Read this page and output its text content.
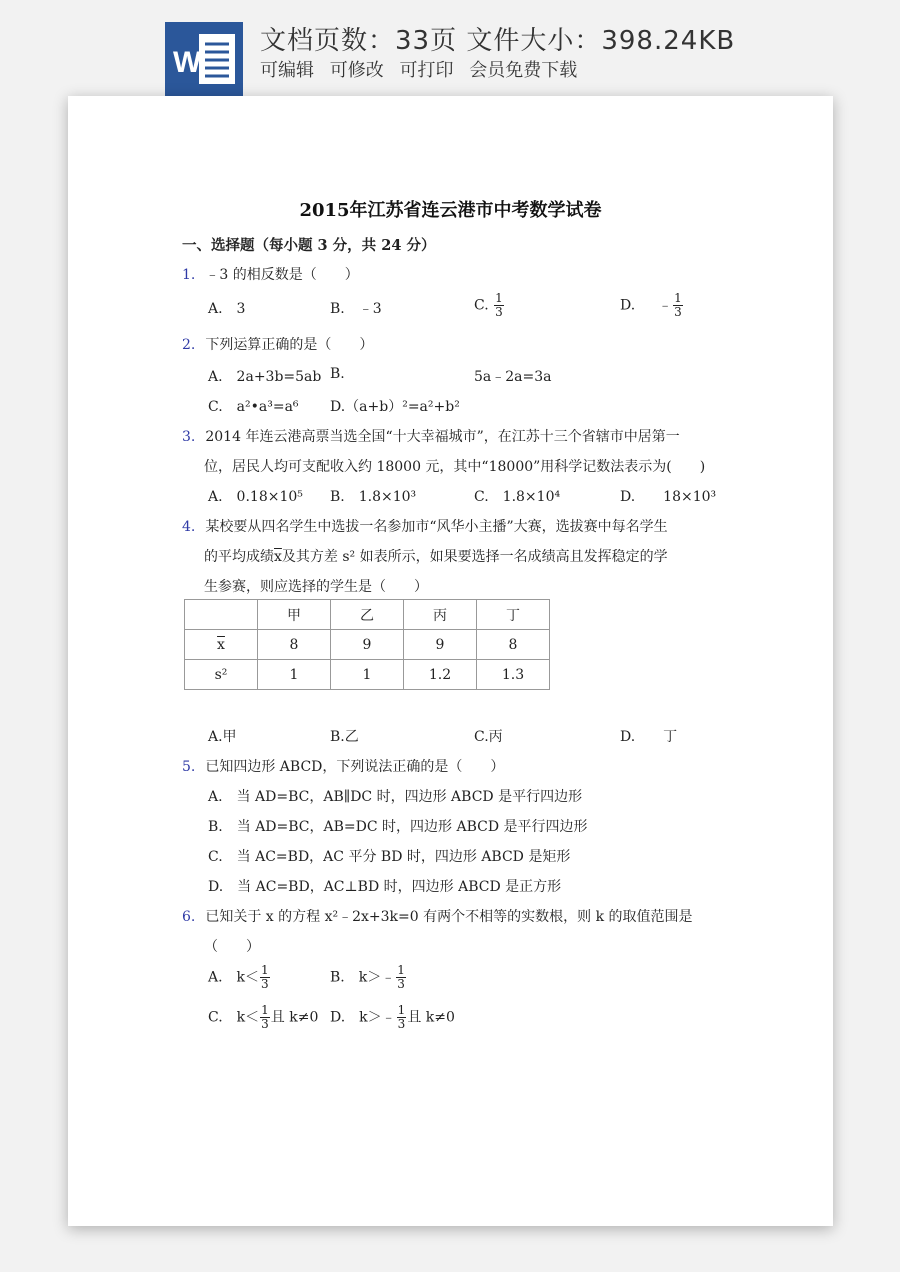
W
文档页数：33页 文件大小：398.24KB
可编辑 可修改 可打印 会员免费下载
2015年江苏省连云港市中考数学试卷
一、选择题（每小题 3 分，共 24 分）
1. ﹣3 的相反数是（　　）
A.　3	B.　﹣3	C. $\frac{1}{3}$	D.　 ﹣ $\frac{1}{3}$
2. 下列运算正确的是（　　）
A.　2a+3b=5ab B.	5a﹣2a=3a
C.　a²•a³=a⁶ D.（a+b）²=a²+b²
3. 2014 年连云港高票当选全国“十大幸福城市”，在江苏十三个省辖市中居第一
位，居民人均可支配收入约 18000 元，其中“18000”用科学记数法表示为(　　)
A.　0.18×10⁵ B.　1.8×10³	C.　1.8×10⁴	D.　　18×10³
4. 某校要从四名学生中选拔一名参加市“风华小主播”大赛，选拔赛中每名学生
的平均成绩$\overline{x}$及其方差 s² 如表所示，如果要选择一名成绩高且发挥稳定的学
生参赛，则应选择的学生是（　　）
	甲	乙	丙	丁
$\overline{x}$	8	9	9	8
s²	1	1	1.2	1.3
A.甲	B.乙	C.丙	D.　　丁
5. 已知四边形 ABCD，下列说法正确的是（　　）
A.　当 AD=BC，AB∥DC 时，四边形 ABCD 是平行四边形
B.　当 AD=BC，AB=DC 时，四边形 ABCD 是平行四边形
C.　当 AC=BD，AC 平分 BD 时，四边形 ABCD 是矩形
D.　当 AC=BD，AC⊥BD 时，四边形 ABCD 是正方形
6. 已知关于 x 的方程 x²﹣2x+3k=0 有两个不相等的实数根，则 k 的取值范围是
（　　）
A.　$k< \frac{1}{3}$	B.　k＞﹣ $\frac{1}{3}$
C.　$k< \frac{1}{3}$ 且 k≠0 D.　k＞﹣ $\frac{1}{3}$ 且 k≠0
